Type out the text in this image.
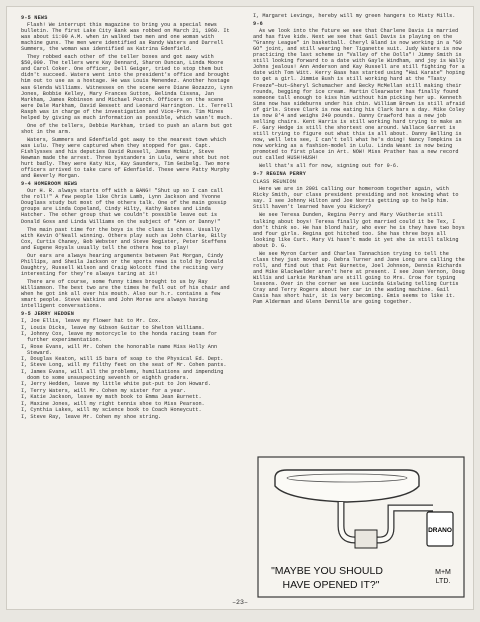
9-5 NEWS

Flash! We interrupt this magazine to bring you a special news bulletin. The first Lake City Bank was robbed on March 21, 1960. It was about 11:00 A.M. when in walked two men and one woman with machine guns. The men were identified as Randy Waters and Darrell Summers, the woman was identified as Katrina Edenfield.

They robbed each other of the teller boxes and got away with $50,000. The tellers were Kay Dennard, Sharon Duncan, Linda Moore and Carol Coker. One officer, Dell Geiger, tried to stop them but didn't succeed. Waters went into the president's office and brought him out to use as a hostage. He was Louis Menendez. Another hostage was Glenda Williams. Witnesses on the scene were Diane Bozazzo, Lynn Jones, Bobbie Kelley, Mary Frances Sutton, Belinda Cissna, Jan Markham, James Robinson and Michael Poarch. Officers on the scene were Dale Markham, David Bessett and Leonard Harrington. Lt. Terrell Rasph was in charge of the investigation and Vice-Pres. Tim Mines helped by giving as much information as possible, which wasn't much.

One of the tellers, Debbie Markham, tried to push an alarm but got shot in the arm.

Waters, Summers and Edenfield got away to the nearest town which was Lulu. They were captured when they stopped for gas. Capt. Fishlysses and his deputies David Russell, James McNair, Steve Newman made the arrest. Three bystanders in Lulu, were shot but not hurt badly. They were Katy Nix, Kay Saunders, Tim Geibelg. Two more officers arrived to take care of Edenfield. These were Patty Murphy and Beverly Morgan.

9-4 HOMEROOM NEWS

Our H. R. always starts off with a BANG! "Shut up so I can call the roll!" A few people like Chris Lamb, Lynn Jackson and Yvonne Douglass study but most of the others talk. One of the main gossip groups are Linda Copeland, Cindy Hilty, Kathy Bates and Linda Hatcher. The other group that we couldn't possible leave out is Donald Goss and Linda Williams on the subject of "Ann or Danny!"

The main past time for the boys is the class is chess. Usually with Kevin O'Neall winning. Others play such as John Clarke, Billy Cox, Curtis Chaney, Bob Webster and Steve Register, Peter Steffens and Eugene Royals usually tell the others how to play!

Our ears are always hearing arguments between Pat Morgan, Cindy Phillips, and Sheila Jackson or the sports news is told by Donald Daughtry, Russell Wilson and Craig Wolcott find the reciting very interesting for they're always taring at it!

There are of course, some funny times brought to us by Ray Williamson. The best two are the times he fell out of his chair and when he got ink all over his mouth. Also our h.r. contains a few smart people. Steve Watkins and John Morse are always having intelligent conversations.

9-5 JERRY HEDDEN
I, Joe Ellis, leave my flower hat to Mr. Cox.
I, Louis Dicks, leave my Gibson Guitar to Shelton Williams.
I, Johnny Cox, leave my motorcycle to the honda racing team for further experimentation.
I, Rose Evans, will Mr. Cohen the honorable name Miss Holly Ann Steward.
I, Douglas Keaton, will 15 bars of soap to the Physical Ed. Dept.
I, Steve Long, will my filthy feet on the seat of Mr. Cohen pants.
I, James Evans, will all the problems, humiliations and impending doom to some unsuspecting seventh or eighth graders.
I, Jerry Hedden, leave my little white put-put to Jon Howard.
I, Terry Waters, will Mr. Cohen my sister for a year.
I, Katie Jackson, leave my math book to Emma Jean Burnett.
I, Maxine Jones, will my right tennis shoe to Miss Pearson.
I, Cynthia Lakes, will my science book to Coach Honeycutt.
I, Steve Ray, leave Mr. Cohen my shoe string.

I, Margaret Levings, hereby will my green hangers to Misty Mills.

9-6

As we look into the future we see that Charlene Davis is married and has five kids. Next we see that Gail Davis is playing on the "Granny League" in basketball. Cheryl Bland is now working in a "GO GO" joint, and still wearing her Tiganette suit. Judy Waters is now practicing the last scheme in "Valley of the Dolls"! Jimmy Smith is still looking forward to a date with Gayle Windham, and joy is Wally Johns jealous! Ann Anderson and Kay Russell are still fighting for a date with Tom Witt. Kerry Baas has started using "Hai Karate" hoping to get a girl. Jimmie Bush is still working hard at the "Tasty Freeze"—but—Sheryl Schumacher and Becky McMellan still making their rounds, begging for ice cream. Martin Clearwater has finally found someone tall enough to kiss him without him picking her up. Kenneth Sims now has sideburns under his chin. William Brown is still afraid of girls. Steve Clark is now eating his Clark bars a day. Mike Coley is now 8'4 and weighs 240 pounds. Danny Crawford has a new job selling chairs. Kent Harris is still working hard trying to make an F. Gary Hedge is still the shortest one around. Wallace Garret is still trying to figure out what this is all about. Danny Belling is now, well lets see, I can't tell what he's doing! Nancy Tompkins is now working as a fashion-model in Lulu. Linda Weant is now being promoted to first place in Art. NOW! Miss Prather has a new record out called HUSH!HUSH!

Well that's all for now, signing out for 9-6.

9-7 REGINA PERRY
CLASS REUNION

Here we are in 2001 calling our homeroom together again, with Ricky Smith, our class president presiding and not knowing what to say. I see Johnny Hilton and Joe Norris getting up to help him. Still haven't learned have you Rickey?

We see Teresa Dunden, Regina Perry and Mary VGutherie still talking about boys! Teresa finally got married could it be Tex, I don't think so. He has blond hair, who ever he is they have two boys and four girls. Regina got hitched too. She has three boys all looking like Curt. Mary Vi hasn't made it yet she is still talking about D. G.

We see Myron Carter and Charles Tannachion trying to tell the class they just moved up. Debra Turner and Jane Long are calling the roll, and find out that Pat Burnette, Joel Johnson, Dennis Richards and Mike Blackwelder aren't here at present. I see Joan Vernon, Doug Willis and Larkie Markham are still going to Mrs. Crow for typing lessons. Over in the corner we see Lucinda Gislwing telling Curtis Cray and Terry Rogers about her car in the wading machine. Gail Casis has short hair, it is very becoming. Emis seems to like it. Pam Alderman and Glenn Dennille are going together.

DRANO
"MAYBE YOU SHOULD
HAVE OPENED IT?"
M+M
LTD.
–23–
